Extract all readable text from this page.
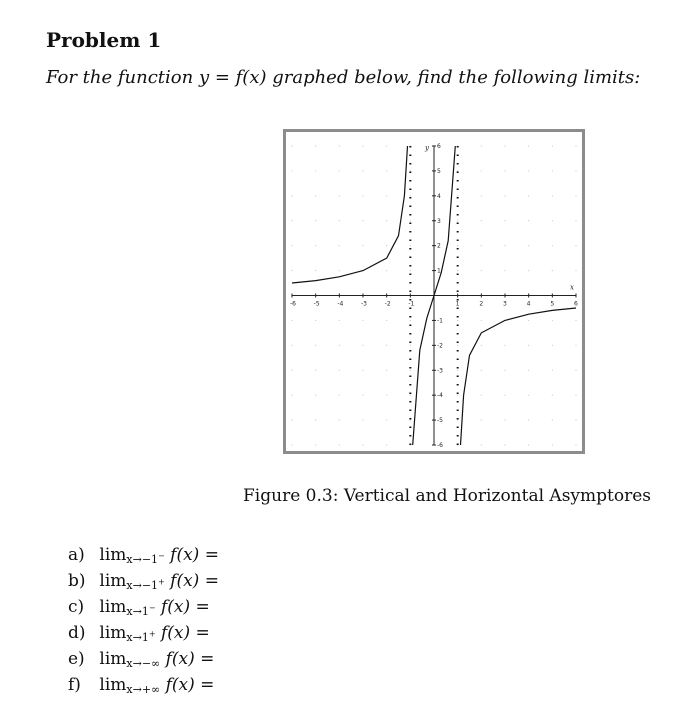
Problem 1
For the function y = f(x) graphed below, find the following limits:
-6	-5	-4	-3	-2	-1	1	2	3	4	5	6
6
5
4
3
2
1
-1
-2
-3
-4
-5
-6
x
y
Figure 0.3: Vertical and Horizontal Asymptores
a) $\lim_{x\to-1^-} f(x)$ =
b) $\lim_{x\to-1^+} f(x)$ =
c) $\lim_{x\to 1^-} f(x)$ =
d) $\lim_{x\to 1^+} f(x)$ =
e) $\lim_{x\to-\infty} f(x)$ =
f) $\lim_{x\to+\infty} f(x)$ =
